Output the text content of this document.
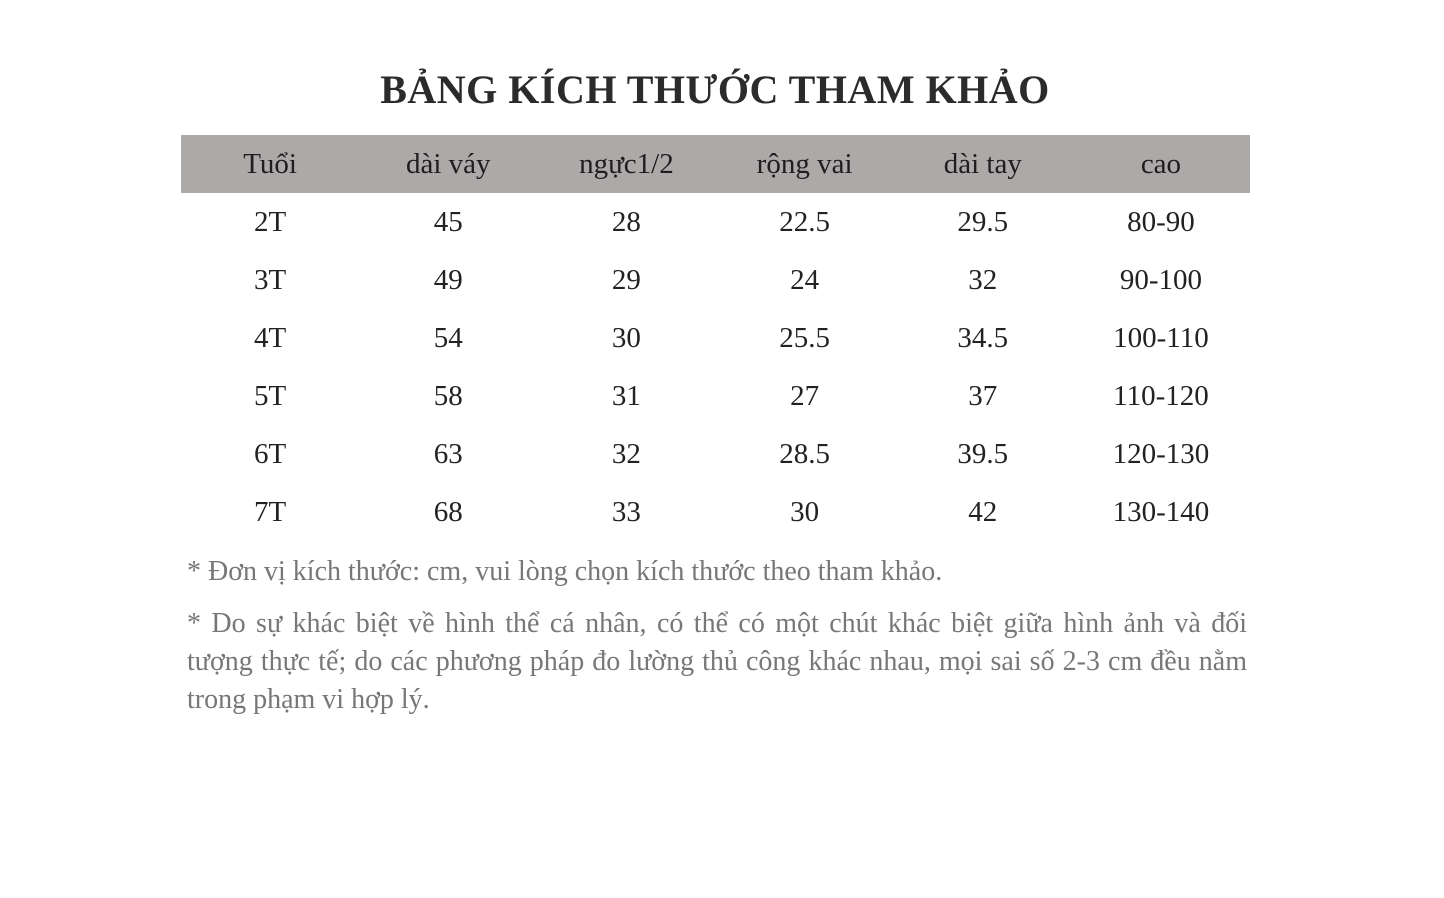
BẢNG KÍCH THƯỚC THAM KHẢO
Tuổi	dài váy	ngực1/2	rộng vai	dài tay	cao
2T	45	28	22.5	29.5	80-90
3T	49	29	24	32	90-100
4T	54	30	25.5	34.5	100-110
5T	58	31	27	37	110-120
6T	63	32	28.5	39.5	120-130
7T	68	33	30	42	130-140
* Đơn vị kích thước: cm, vui lòng chọn kích thước theo tham khảo.
* Do sự khác biệt về hình thể cá nhân, có thể có một chút khác biệt giữa hình ảnh và đối tượng thực tế; do các phương pháp đo lường thủ công khác nhau, mọi sai số 2-3 cm đều nằm trong phạm vi hợp lý.
